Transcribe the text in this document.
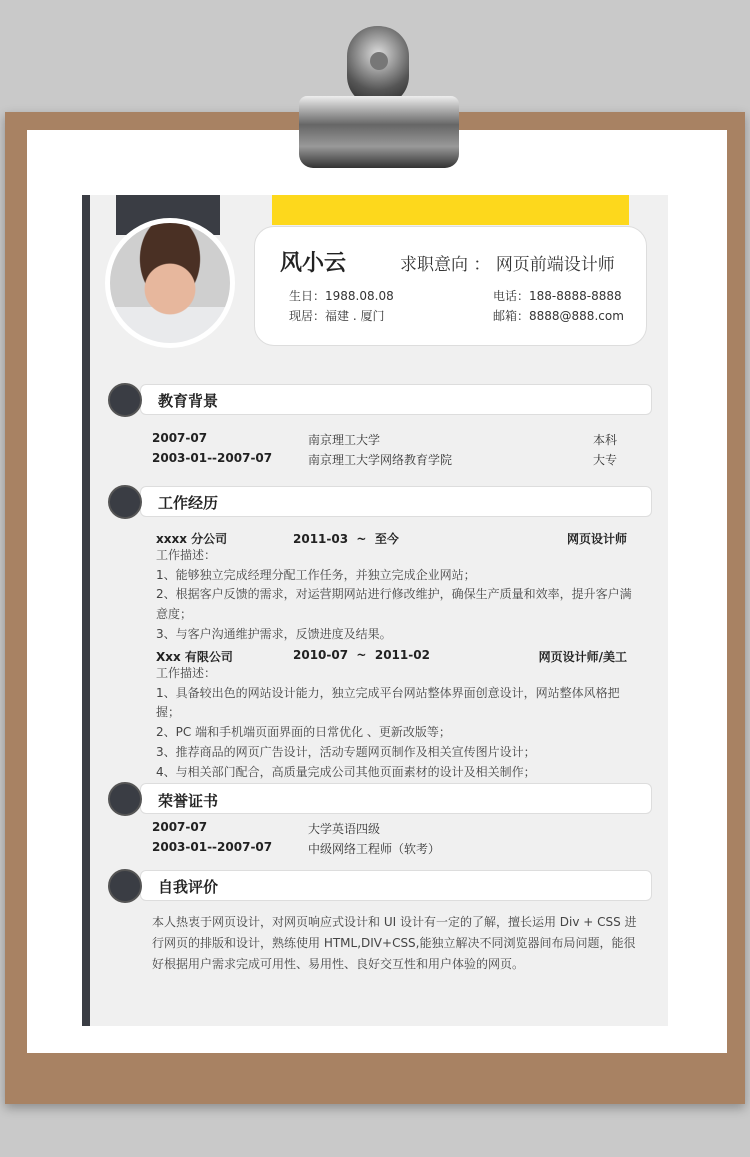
风小云	求职意向 ： 网页前端设计师
生日：1988.08.08
现居：福建 . 厦门
电话：188-8888-8888
邮箱：8888@888.com
教育背景
2007-07	南京理工大学	本科
2003-01--2007-07	南京理工大学网络教育学院	大专
工作经历
xxxx 分公司	2011-03  ~  至今	网页设计师
工作描述：
1、能够独立完成经理分配工作任务，并独立完成企业网站；
2、根据客户反馈的需求，对运营期网站进行修改维护，确保生产质量和效率，提升客户满意度；
3、与客户沟通维护需求，反馈进度及结果。
Xxx 有限公司	2010-07  ~  2011-02	网页设计师/美工
工作描述：
1、具备较出色的网站设计能力，独立完成平台网站整体界面创意设计，网站整体风格把握；
2、PC 端和手机端页面界面的日常优化 、更新改版等；
3、推荐商品的网页广告设计，活动专题网页制作及相关宣传图片设计；
4、与相关部门配合，高质量完成公司其他页面素材的设计及相关制作；
荣誉证书
2007-07	大学英语四级
2003-01--2007-07	中级网络工程师（软考）
自我评价
本人热衷于网页设计，对网页响应式设计和 UI 设计有一定的了解，擅长运用 Div + CSS 进行网页的排版和设计，熟练使用 HTML,DIV+CSS,能独立解决不同浏览器间布局问题，能很好根据用户需求完成可用性、易用性、良好交互性和用户体验的网页。
